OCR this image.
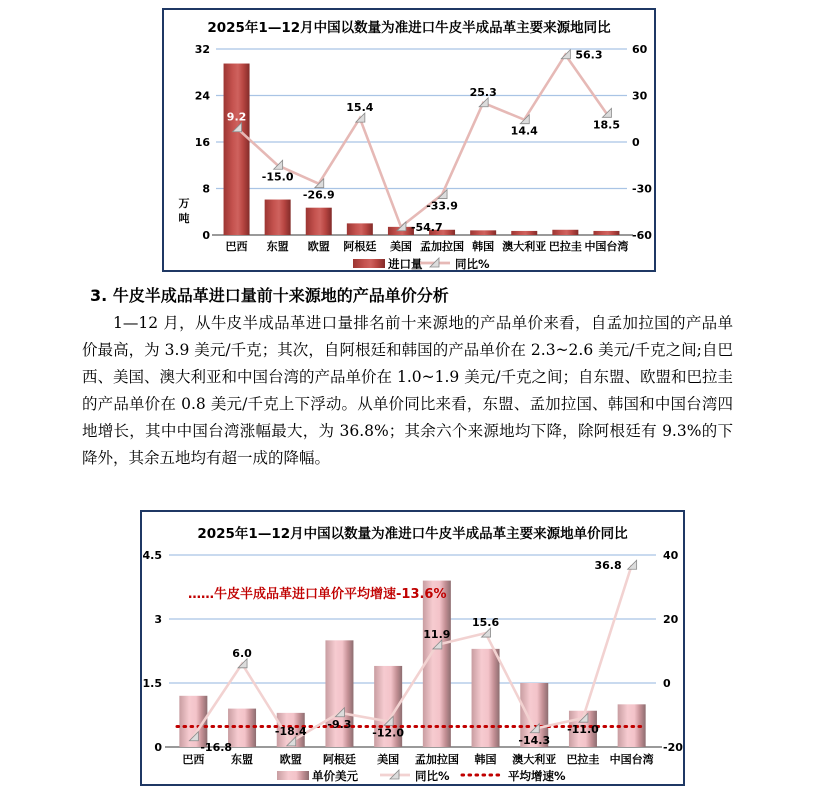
2025年1—12月中国以数量为准进口牛皮半成品革主要来源地同比
0
8
16
24
32
-60
-30
0
30
60
万吨
巴西 东盟 欧盟 阿根廷 美国 孟加拉国 韩国 澳大利亚 巴拉圭 中国台湾
9.2
-15.0
-26.9
15.4
-54.7
-33.9
25.3
14.4
56.3
18.5
进口量	同比%
3. 牛皮半成品革进口量前十来源地的产品单价分析
1—12 月，从牛皮半成品革进口量排名前十来源地的产品单价来看，自孟加拉国的产品单价最高，为 3.9 美元/千克；其次，自阿根廷和韩国的产品单价在 2.3~2.6 美元/千克之间;自巴西、美国、澳大利亚和中国台湾的产品单价在 1.0~1.9 美元/千克之间；自东盟、欧盟和巴拉圭的产品单价在 0.8 美元/千克上下浮动。从单价同比来看，东盟、孟加拉国、韩国和中国台湾四地增长，其中中国台湾涨幅最大，为 36.8%；其余六个来源地均下降，除阿根廷有 9.3%的下降外，其余五地均有超一成的降幅。
2025年1—12月中国以数量为准进口牛皮半成品革主要来源地单价同比
0
1.5
3
4.5
-20
0
20
40
巴西 东盟 欧盟 阿根廷 美国 孟加拉国 韩国 澳大利亚 巴拉圭 中国台湾
-16.8
6.0
-18.4
-9.3
-12.0
11.9
15.6
-14.3
-11.0
36.8
……牛皮半成品革进口单价平均增速-13.6%
单价美元	同比%	平均增速%
